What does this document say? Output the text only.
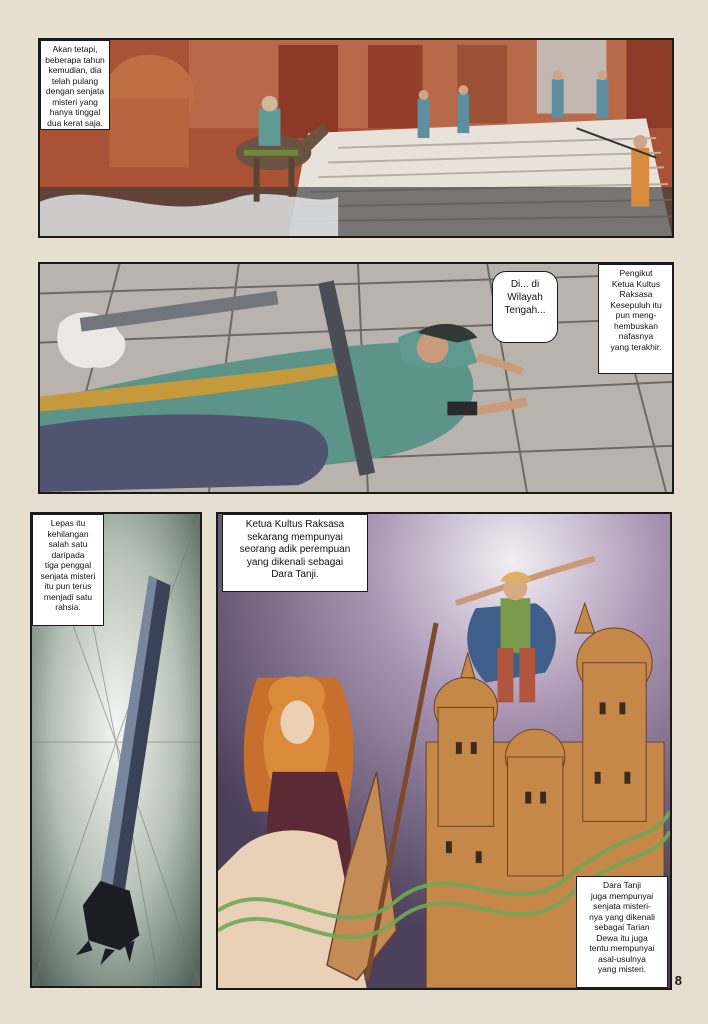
Akan tetapi,
beberapa tahun
kemudian, dia
telah pulang
dengan senjata
misteri yang
hanya tinggal
dua kerat saja.
Di... di
Wilayah
Tengah...
Pengikut
Ketua Kultus
Raksasa
Kesepuluh itu
pun meng-
hembuskan
nafasnya
yang terakhir.
Lepas itu
kehilangan
salah satu
daripada
tiga penggal
senjata misteri
itu pun terus
menjadi satu
rahsia.
Ketua Kultus Raksasa
sekarang mempunyai
seorang adik perempuan
yang dikenali sebagai
Dara Tanji.
Dara Tanji
juga mempunyai
senjata misteri-
nya yang dikenali
sebagai Tarian
Dewa itu juga
tentu mempunyai
asal-usulnya
yang misteri.
8
